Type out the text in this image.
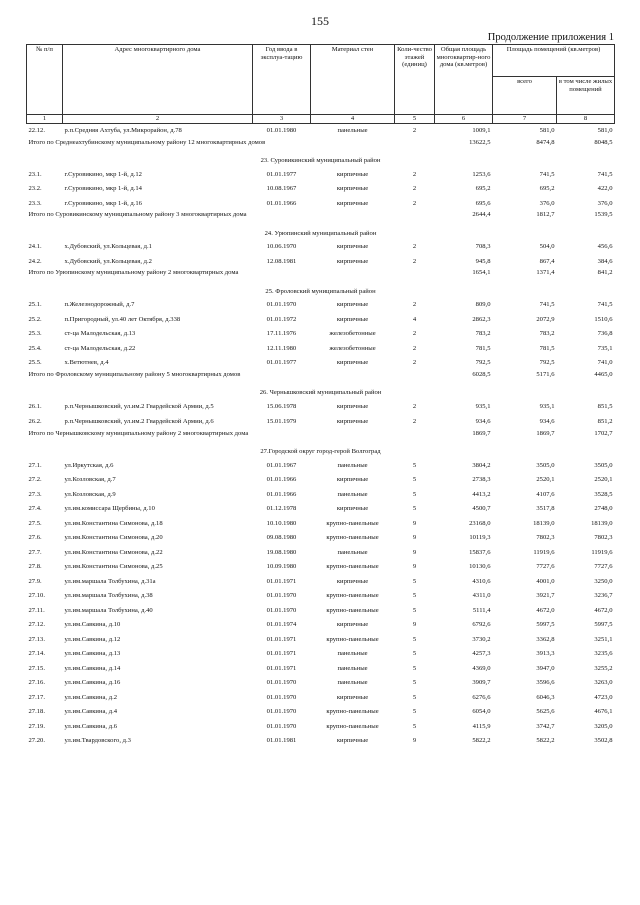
155
Продолжение приложения 1
№ п/п	Адрес многоквартирного дома	Год ввода в эксплуа-тацию	Материал стен	Коли-чество этажей (единиц)	Общая площадь многоквартир-ного дома (кв.метров)	Площадь помещений (кв.метров)	
						всего	в том числе жилых помещений
1	2	3	4	5	6	7	8
22.12.	р.п.Средняя Ахтуба, ул.Микрорайон, д.78	01.01.1980	панельные	2	1009,1	581,0	581,0
Итого по Среднеахтубинскому муниципальному району 12 многоквартирных домов					13622,5	8474,8	8048,5
23. Суровикинский муниципальный район							
23.1.	г.Суровикино, мкр 1-й, д.12	01.01.1977	кирпичные	2	1253,6	741,5	741,5
23.2.	г.Суровикино, мкр 1-й, д.14	10.08.1967	кирпичные	2	695,2	695,2	422,0
23.3.	г.Суровикино, мкр 1-й, д.16	01.01.1966	кирпичные	2	695,6	376,0	376,0
Итого по Суровикинскому муниципальному району 3 многоквартирных дома					2644,4	1812,7	1539,5
24. Урюпинский муниципальный район							
24.1.	х.Дубовский, ул.Кольцевая, д.1	10.06.1970	кирпичные	2	708,3	504,0	456,6
24.2.	х.Дубовский, ул.Кольцевая, д.2	12.08.1981	кирпичные	2	945,8	867,4	384,6
Итого по Урюпинскому муниципальному району 2 многоквартирных дома					1654,1	1371,4	841,2
25. Фроловский муниципальный район							
25.1.	п.Железнодорожный, д.7	01.01.1970	кирпичные	2	809,0	741,5	741,5
25.2.	п.Пригородный, ул.40 лет Октября, д.338	01.01.1972	кирпичные	4	2862,3	2072,9	1510,6
25.3.	ст-ца Малодельская, д.13	17.11.1976	железобетонные	2	783,2	783,2	736,8
25.4.	ст-ца Малодельская, д.22	12.11.1980	железобетонные	2	781,5	781,5	735,1
25.5.	х.Ветютнев, д.4	01.01.1977	кирпичные	2	792,5	792,5	741,0
Итого по Фроловскому муниципальному району 5 многоквартирных домов					6028,5	5171,6	4465,0
26. Чернышковский муниципальный район							
26.1.	р.п.Чернышковский, ул.им.2 Гвардейской Армии, д.5	15.06.1978	кирпичные	2	935,1	935,1	851,5
26.2.	р.п.Чернышковский, ул.им.2 Гвардейской Армии, д.6	15.01.1979	кирпичные	2	934,6	934,6	851,2
Итого по Чернышковскому муниципальному району 2 многоквартирных дома					1869,7	1869,7	1702,7
27.Городской округ город-герой Волгоград							
27.1.	ул.Иркутская, д.6	01.01.1967	панельные	5	3804,2	3505,0	3505,0
27.2.	ул.Козловская, д.7	01.01.1966	кирпичные	5	2738,3	2520,1	2520,1
27.3.	ул.Козловская, д.9	01.01.1966	панельные	5	4413,2	4107,6	3528,5
27.4.	ул.им.комиссара Щербины, д.10	01.12.1978	кирпичные	5	4500,7	3517,8	2748,0
27.5.	ул.им.Константина Симонова, д.18	10.10.1980	крупно-панельные	9	23168,0	18139,0	18139,0
27.6.	ул.им.Константина Симонова, д.20	09.08.1980	крупно-панельные	9	10119,3	7802,3	7802,3
27.7.	ул.им.Константина Симонова, д.22	19.08.1980	панельные	9	15837,6	11919,6	11919,6
27.8.	ул.им.Константина Симонова, д.25	10.09.1980	крупно-панельные	9	10130,6	7727,6	7727,6
27.9.	ул.им.маршала Толбухина, д.31а	01.01.1971	кирпичные	5	4310,6	4001,0	3250,0
27.10.	ул.им.маршала Толбухина, д.38	01.01.1970	крупно-панельные	5	4311,0	3921,7	3236,7
27.11.	ул.им.маршала Толбухина, д.40	01.01.1970	крупно-панельные	5	5111,4	4672,0	4672,0
27.12.	ул.им.Савкина, д.10	01.01.1974	кирпичные	9	6792,6	5997,5	5997,5
27.13.	ул.им.Савкина, д.12	01.01.1971	крупно-панельные	5	3730,2	3362,8	3251,1
27.14.	ул.им.Савкина, д.13	01.01.1971	панельные	5	4257,3	3913,3	3235,6
27.15.	ул.им.Савкина, д.14	01.01.1971	панельные	5	4369,0	3947,0	3255,2
27.16.	ул.им.Савкина, д.16	01.01.1970	панельные	5	3909,7	3596,6	3263,0
27.17.	ул.им.Савкина, д.2	01.01.1970	кирпичные	5	6276,6	6046,3	4723,0
27.18.	ул.им.Савкина, д.4	01.01.1970	крупно-панельные	5	6054,0	5625,6	4676,1
27.19.	ул.им.Савкина, д.6	01.01.1970	крупно-панельные	5	4115,9	3742,7	3205,0
27.20.	ул.им.Твардовского, д.3	01.01.1981	кирпичные	9	5822,2	5822,2	3502,8
